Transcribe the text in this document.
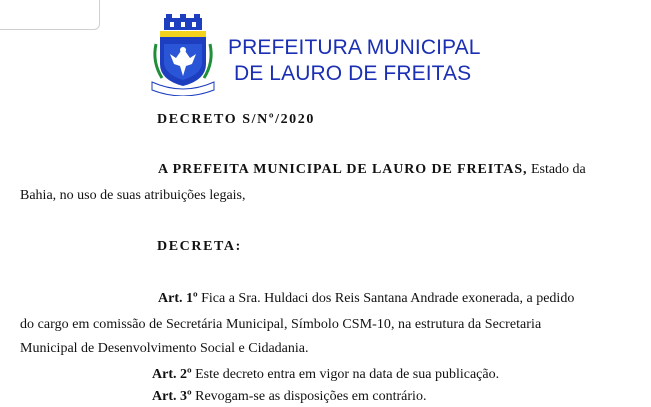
PREFEITURA MUNICIPAL
DE LAURO DE FREITAS
DECRETO S/Nº/2020
A PREFEITA MUNICIPAL DE LAURO DE FREITAS, Estado da
Bahia, no uso de suas atribuições legais,
DECRETA:
Art. 1º Fica a Sra. Huldaci dos Reis Santana Andrade exonerada, a pedido
do cargo em comissão de Secretária Municipal, Símbolo CSM-10, na estrutura da Secretaria
Municipal de Desenvolvimento Social e Cidadania.
Art. 2º Este decreto entra em vigor na data de sua publicação.
Art. 3º Revogam-se as disposições em contrário.
